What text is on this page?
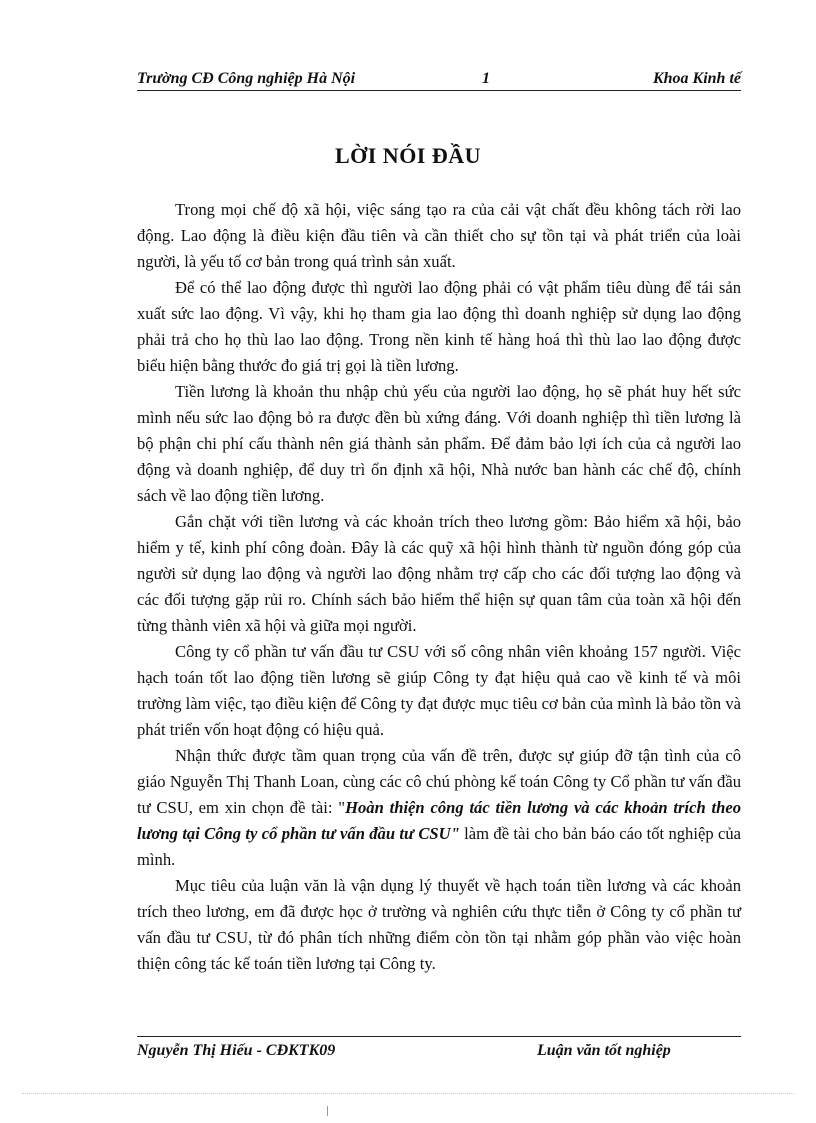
Trường CĐ Công nghiệp Hà Nội	1	Khoa Kinh tế
LỜI NÓI ĐẦU

Trong mọi chế độ xã hội, việc sáng tạo ra của cải vật chất đều không tách rời lao động. Lao động là điều kiện đầu tiên và cần thiết cho sự tồn tại và phát triển của loài người, là yếu tố cơ bản trong quá trình sản xuất.

Để có thể lao động được thì người lao động phải có vật phẩm tiêu dùng để tái sản xuất sức lao động. Vì vậy, khi họ tham gia lao động thì doanh nghiệp sử dụng lao động phải trả cho họ thù lao lao động. Trong nền kinh tế hàng hoá thì thù lao lao động được biểu hiện bằng thước đo giá trị gọi là tiền lương.

Tiền lương là khoản thu nhập chủ yếu của người lao động, họ sẽ phát huy hết sức mình nếu sức lao động bỏ ra được đền bù xứng đáng. Với doanh nghiệp thì tiền lương là bộ phận chi phí cấu thành nên giá thành sản phẩm. Để đảm bảo lợi ích của cả người lao động và doanh nghiệp, để duy trì ổn định xã hội, Nhà nước ban hành các chế độ, chính sách về lao động tiền lương.

Gắn chặt với tiền lương và các khoản trích theo lương gồm: Bảo hiểm xã hội, bảo hiểm y tế, kinh phí công đoàn. Đây là các quỹ xã hội hình thành từ nguồn đóng góp của người sử dụng lao động và người lao động nhằm trợ cấp cho các đối tượng lao động và các đối tượng gặp rủi ro. Chính sách bảo hiểm thể hiện sự quan tâm của toàn xã hội đến từng thành viên xã hội và giữa mọi người.

Công ty cổ phần tư vấn đầu tư CSU với số công nhân viên khoảng 157 người. Việc hạch toán tốt lao động tiền lương sẽ giúp Công ty đạt hiệu quả cao về kinh tế và môi trường làm việc, tạo điều kiện để Công ty đạt được mục tiêu cơ bản của mình là bảo tồn và phát triển vốn hoạt động có hiệu quả.

Nhận thức được tầm quan trọng của vấn đề trên, được sự giúp đỡ tận tình của cô giáo Nguyễn Thị Thanh Loan, cùng các cô chú phòng kế toán Công ty Cổ phần tư vấn đầu tư CSU, em xin chọn đề tài: "Hoàn thiện công tác tiền lương và các khoản trích theo lương tại Công ty cổ phần tư vấn đầu tư CSU" làm đề tài cho bản báo cáo tốt nghiệp của mình.

Mục tiêu của luận văn là vận dụng lý thuyết về hạch toán tiền lương và các khoản trích theo lương, em đã được học ở trường và nghiên cứu thực tiễn ở Công ty cổ phần tư vấn đầu tư CSU, từ đó phân tích những điểm còn tồn tại nhằm góp phần vào việc hoàn thiện công tác kế toán tiền lương tại Công ty.

Nguyễn Thị Hiếu - CĐKTK09	Luận văn tốt nghiệp
